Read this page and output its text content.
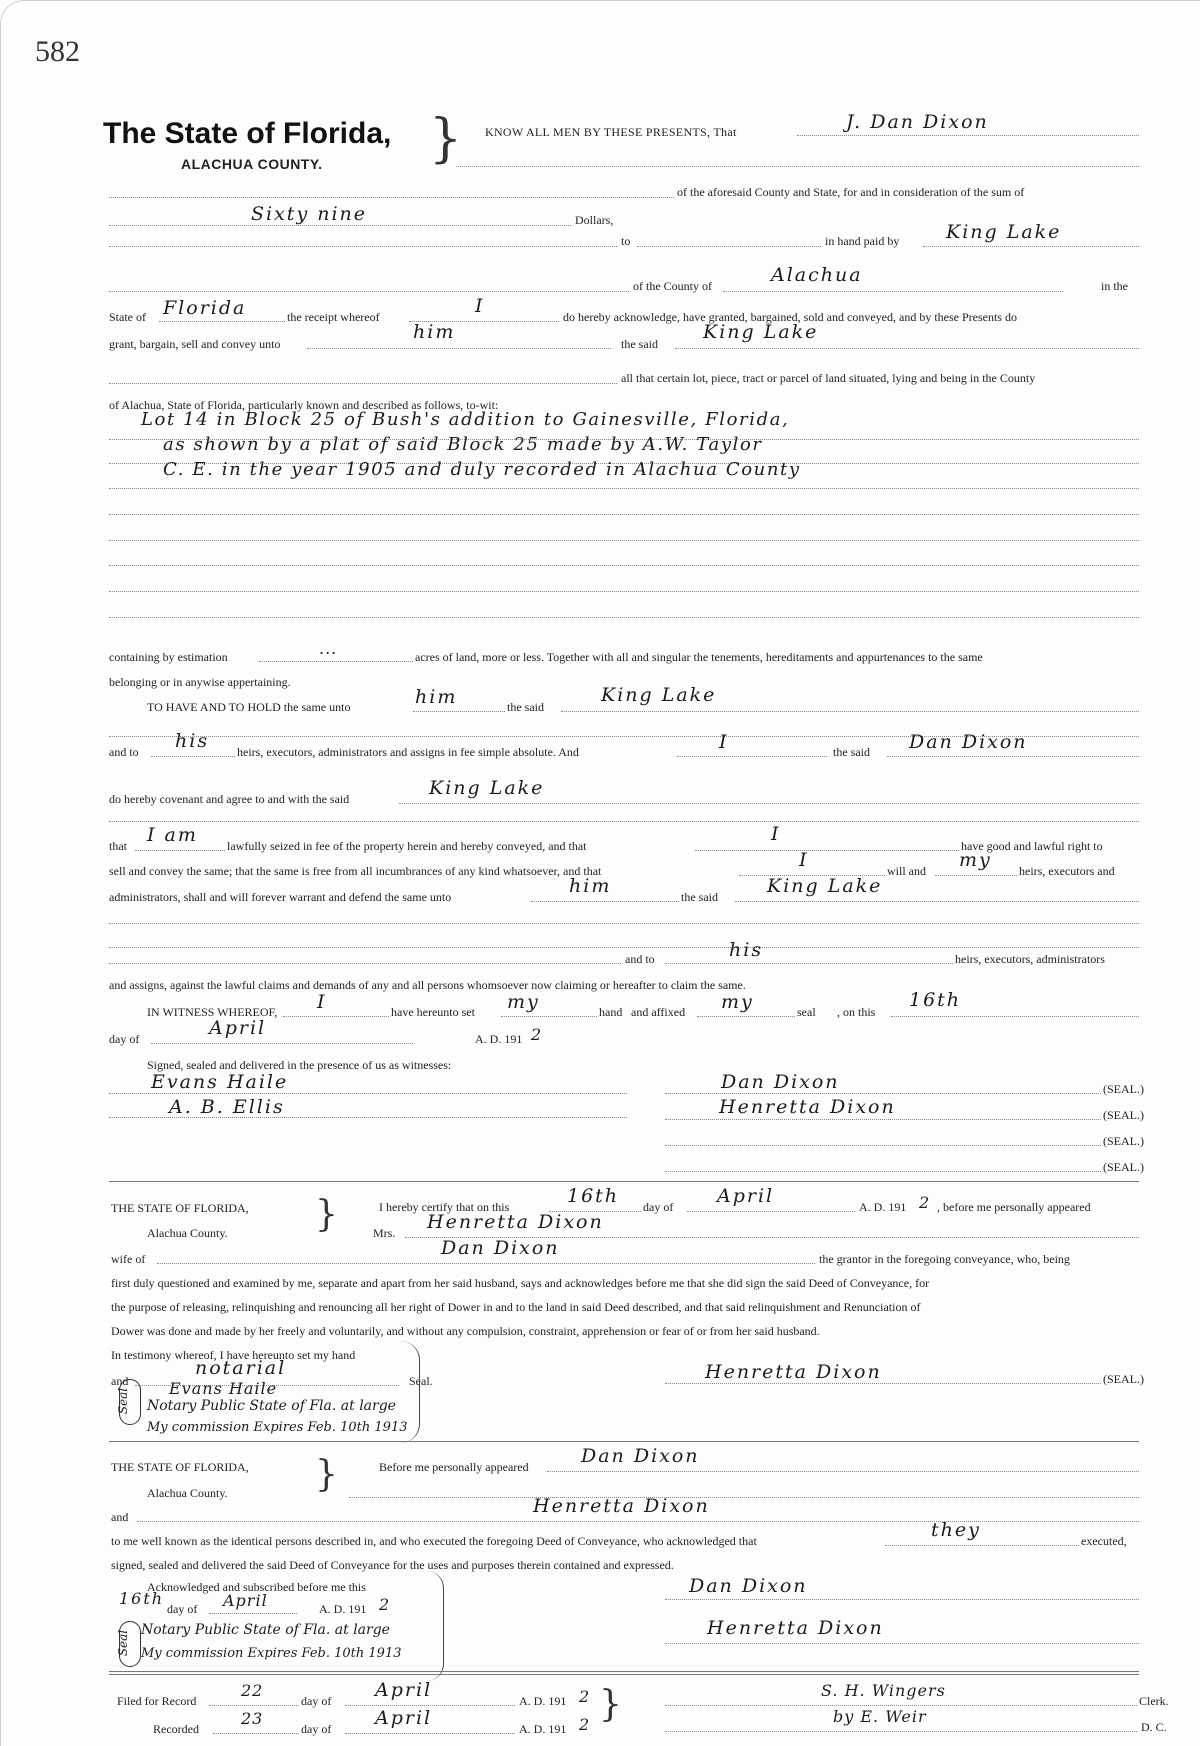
582
The State of Florida,
ALACHUA COUNTY. } KNOW ALL MEN BY THESE PRESENTS, That	J. Dan Dixon
of the aforesaid County and State, for and in consideration of the sum of
Sixty nine	Dollars,
to	in hand paid by King Lake
of the County of	Alachua	in the
State of Florida	the receipt whereof	I	do hereby acknowledge, have granted, bargained, sold and conveyed, and by these Presents do
grant, bargain, sell and convey unto
him
the said
King Lake
all that certain lot, piece, tract or parcel of land situated, lying and being in the County
of Alachua, State of Florida, particularly known and described as follows, to-wit:
Lot 14 in Block 25 of Bush's addition to Gainesville, Florida,
as shown by a plat of said Block 25 made by A.W. Taylor
C. E. in the year 1905 and duly recorded in Alachua County
containing by estimation	...	acres of land, more or less. Together with all and singular the tenements, hereditaments and appurtenances to the same
belonging or in anywise appertaining.
TO HAVE AND TO HOLD the same unto	him	the said
King Lake
and to his heirs, executors, administrators and assigns in fee simple absolute. And	I	the said Dan Dixon
do hereby covenant and agree to and with the said	King Lake
that I am lawfully seized in fee of the property herein and hereby conveyed, and that
I
have good and lawful right to
sell and convey the same; that the same is free from all incumbrances of any kind whatsoever, and that	I	will and my heirs, executors and
administrators, shall and will forever warrant and defend the same unto	him	the said	King Lake
and to	his	heirs, executors, administrators
and assigns, against the lawful claims and demands of any and all persons whomsoever now claiming or hereafter to claim the same.
IN WITNESS WHEREOF, I	have hereunto set my	hand and affixed my	seal , on this
16th
day of	April	A. D. 191 2
Signed, sealed and delivered in the presence of us as witnesses:
Evans Haile
A. B. Ellis
Dan Dixon	(SEAL.)
Henretta Dixon	(SEAL.)
(SEAL.)
(SEAL.)
THE STATE OF FLORIDA,
Alachua County. }	I hereby certify that on this	16th day of April	A. D. 191 2 , before me personally appeared
Mrs. Henretta Dixon
wife of	Dan Dixon	the grantor in the foregoing conveyance, who, being
first duly questioned and examined by me, separate and apart from her said husband, says and acknowledges before me that she did sign the said Deed of Conveyance, for
the purpose of releasing, relinquishing and renouncing all her right of Dower in and to the land in said Deed described, and that said relinquishment and Renunciation of
Dower was done and made by her freely and voluntarily, and without any compulsion, constraint, apprehension or fear of or from her said husband.
In testimony whereof, I have hereunto set my hand
and
notarial
Seal.
Seal Evans Haile
Notary Public State of Fla. at large
My commission Expires Feb. 10th 1913
Henretta Dixon	(SEAL.)
THE STATE OF FLORIDA,
Alachua County. }	Before me personally appeared	Dan Dixon
and	Henretta Dixon
to me well known as the identical persons described in, and who executed the foregoing Deed of Conveyance, who acknowledged that	they	executed,
signed, sealed and delivered the said Deed of Conveyance for the uses and purposes therein contained and expressed.
Acknowledged and subscribed before me this
16th
day of April	A. D. 191 2
Seal Notary Public State of Fla. at large
My commission Expires Feb. 10th 1913
Dan Dixon
Henretta Dixon
Filed for Record
22
day of April	A. D. 191 2
Recorded
23
day of April	A. D. 191 2 }	S. H. Wingers
Clerk.
by E. Weir
D. C.
